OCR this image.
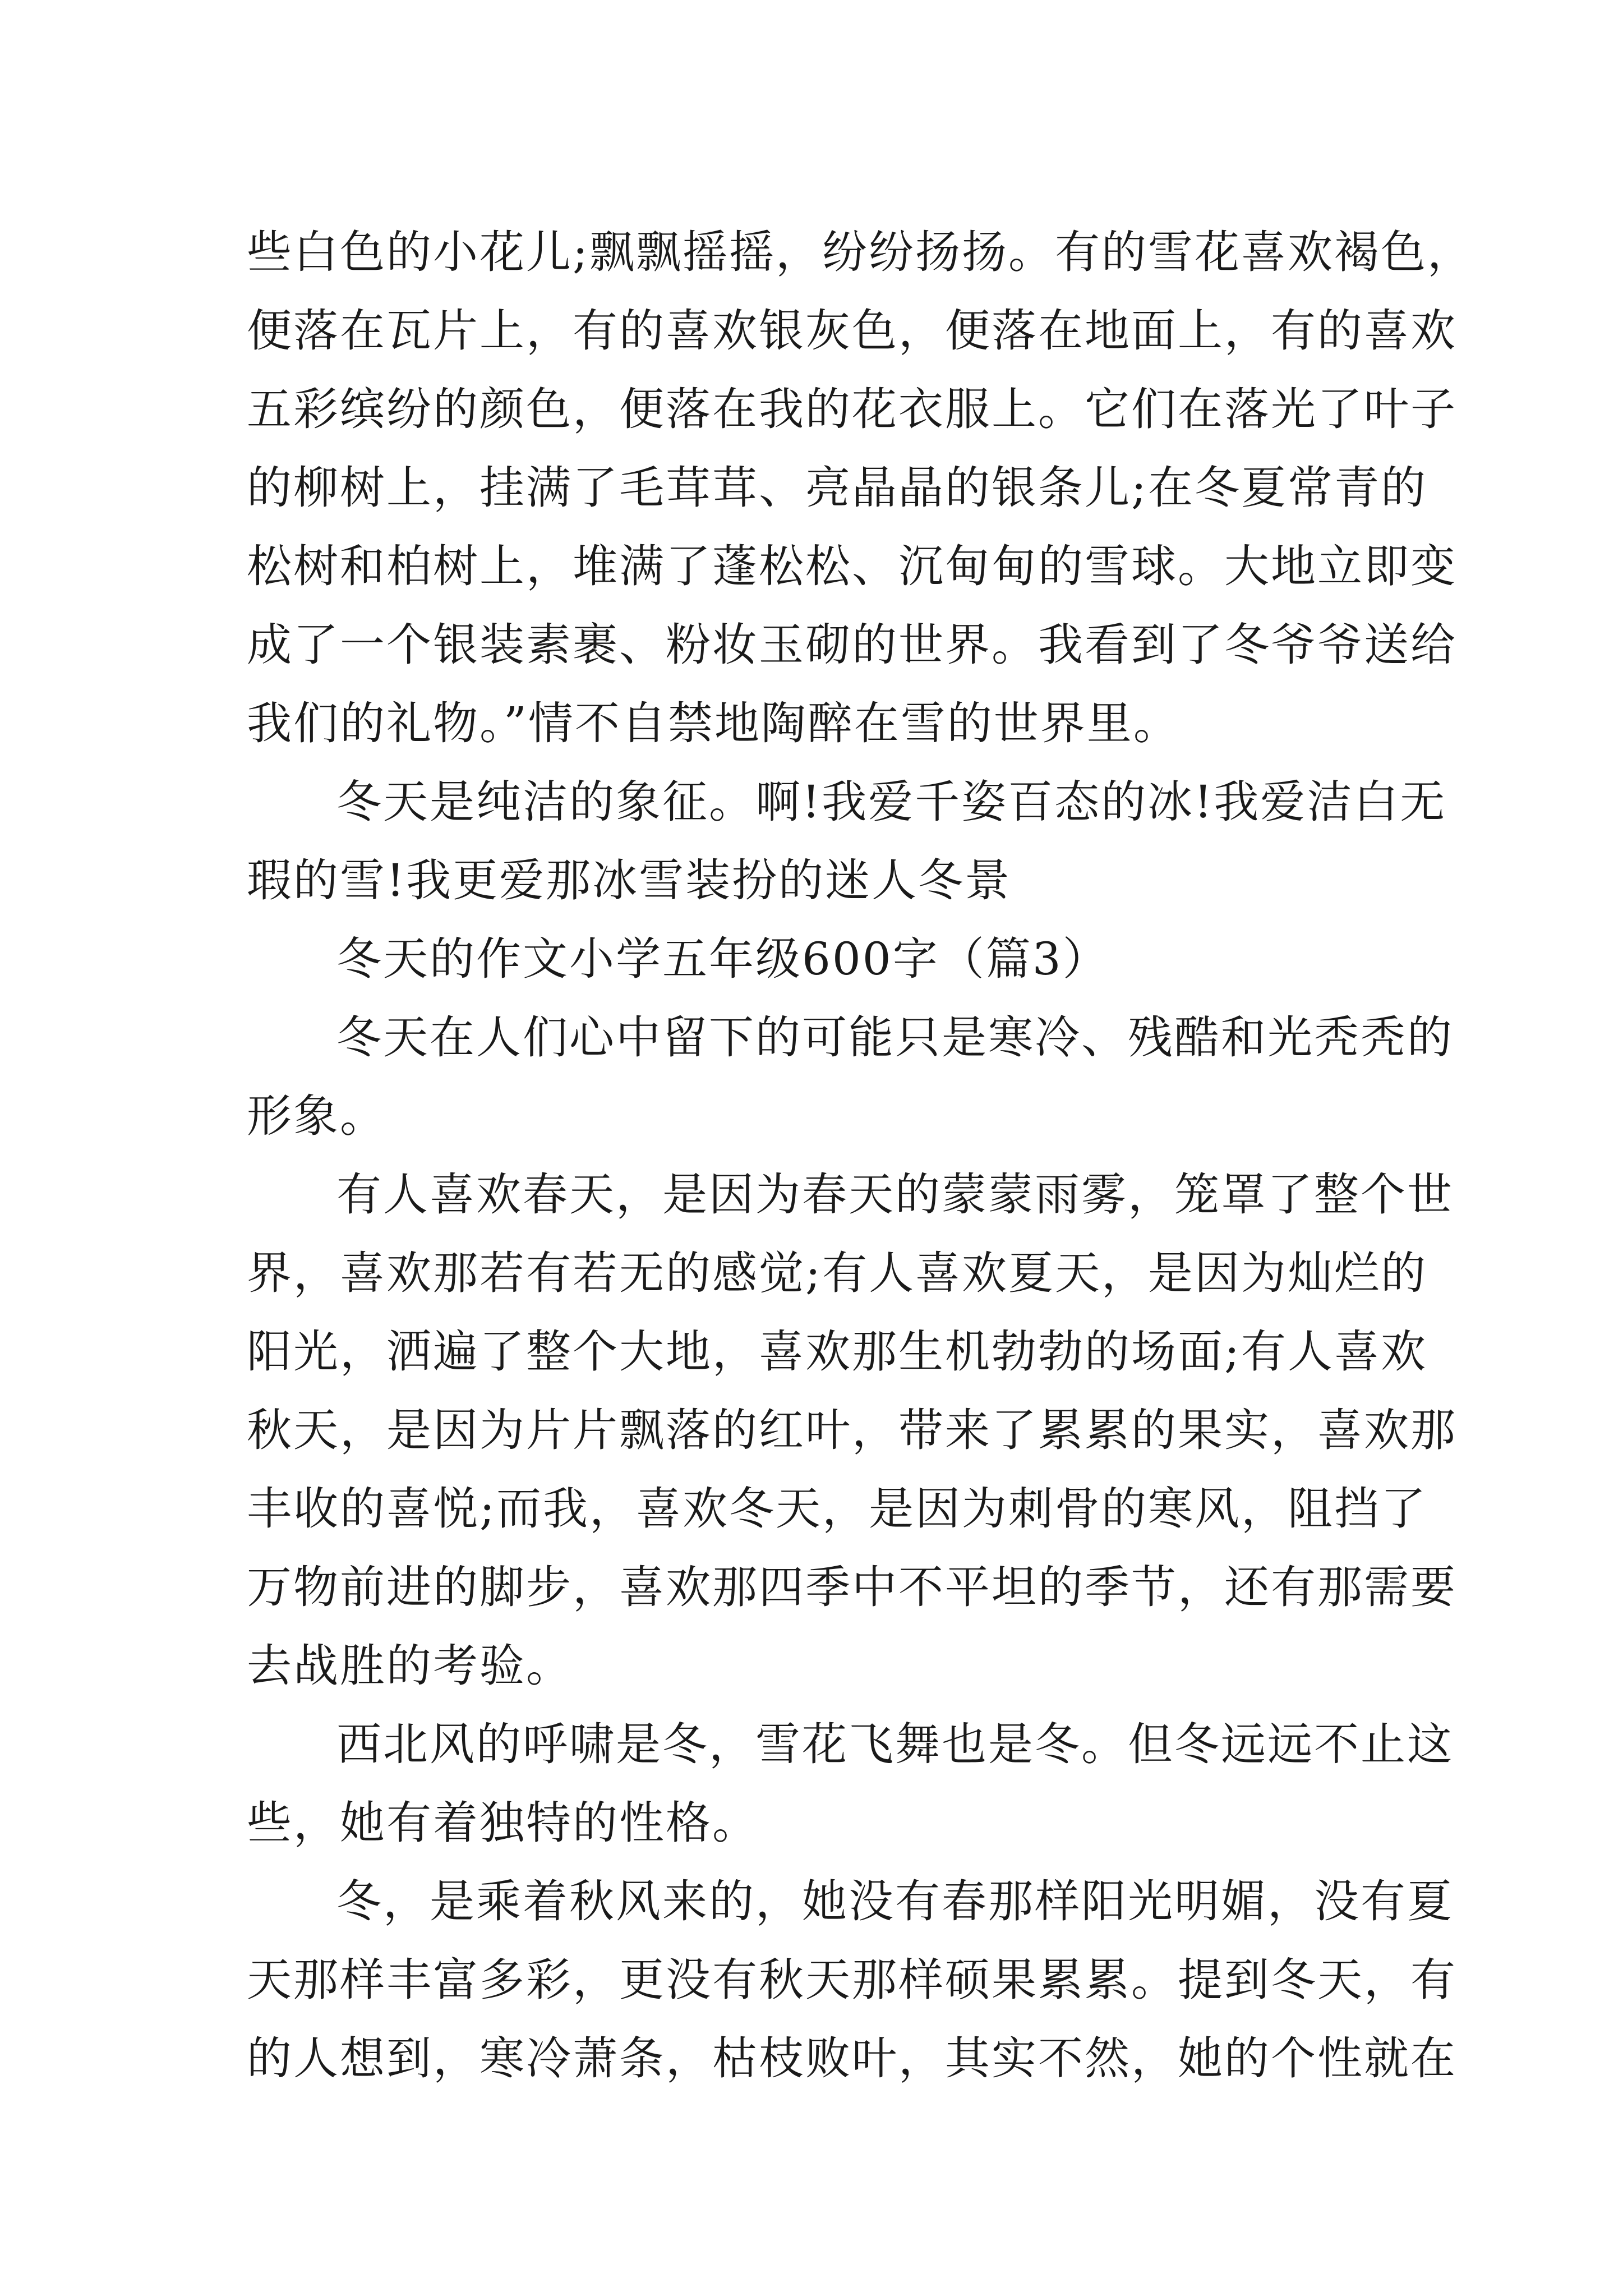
些白色的小花儿;飘飘摇摇，纷纷扬扬。有的雪花喜欢褐色，
便落在瓦片上，有的喜欢银灰色，便落在地面上，有的喜欢
五彩缤纷的颜色，便落在我的花衣服上。它们在落光了叶子
的柳树上，挂满了毛茸茸、亮晶晶的银条儿;在冬夏常青的
松树和柏树上，堆满了蓬松松、沉甸甸的雪球。大地立即变
成了一个银装素裹、粉妆玉砌的世界。我看到了冬爷爷送给
我们的礼物。”情不自禁地陶醉在雪的世界里。
冬天是纯洁的象征。啊!我爱千姿百态的冰!我爱洁白无
瑕的雪!我更爱那冰雪装扮的迷人冬景
冬天的作文小学五年级600字（篇3）
冬天在人们心中留下的可能只是寒冷、残酷和光秃秃的
形象。
有人喜欢春天，是因为春天的蒙蒙雨雾，笼罩了整个世
界，喜欢那若有若无的感觉;有人喜欢夏天，是因为灿烂的
阳光，洒遍了整个大地，喜欢那生机勃勃的场面;有人喜欢
秋天，是因为片片飘落的红叶，带来了累累的果实，喜欢那
丰收的喜悦;而我，喜欢冬天，是因为刺骨的寒风，阻挡了
万物前进的脚步，喜欢那四季中不平坦的季节，还有那需要
去战胜的考验。
西北风的呼啸是冬，雪花飞舞也是冬。但冬远远不止这
些，她有着独特的性格。
冬，是乘着秋风来的，她没有春那样阳光明媚，没有夏
天那样丰富多彩，更没有秋天那样硕果累累。提到冬天，有
的人想到，寒冷萧条，枯枝败叶，其实不然，她的个性就在
